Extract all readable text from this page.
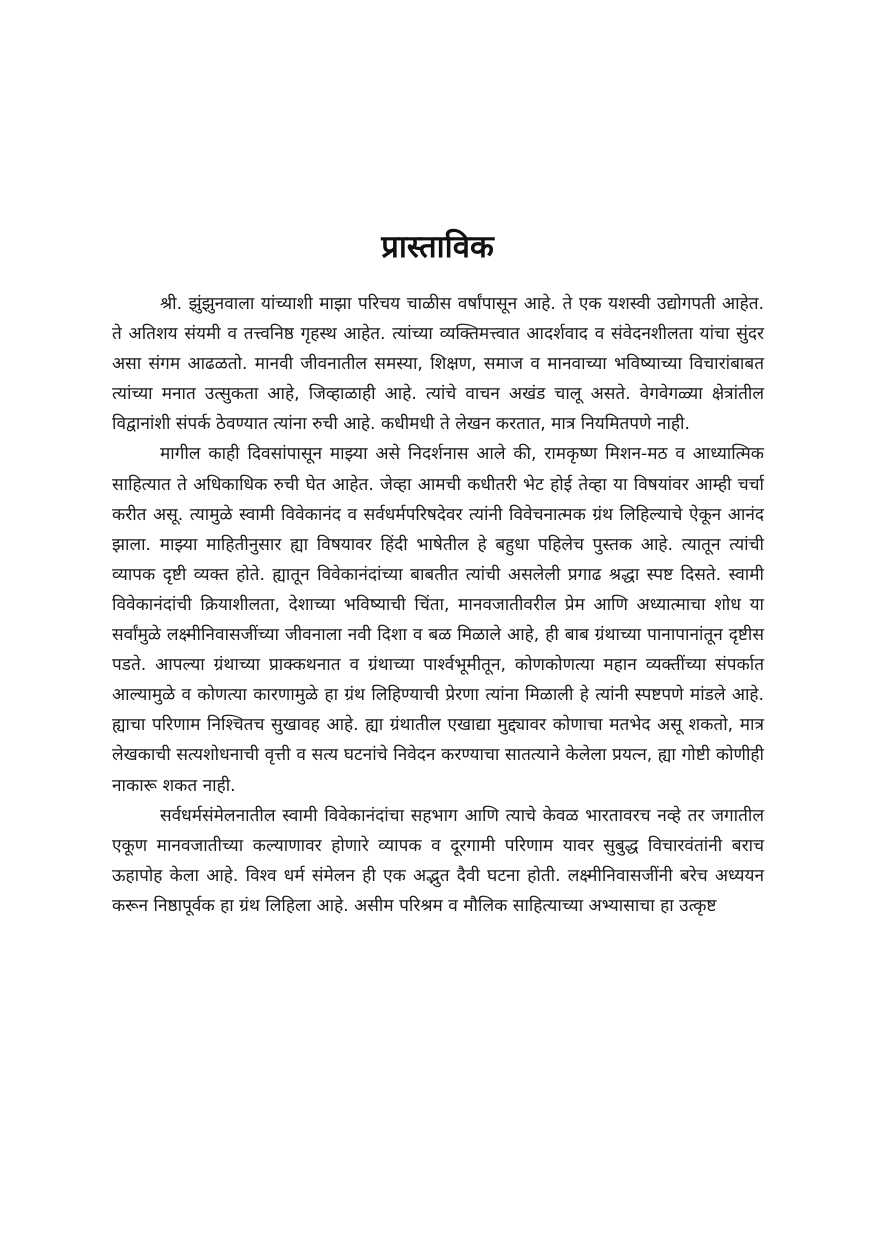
प्रास्ताविक

श्री. झुंझुनवाला यांच्याशी माझा परिचय चाळीस वर्षांपासून आहे. ते एक यशस्वी उद्योगपती आहेत. ते अतिशय संयमी व तत्त्वनिष्ठ गृहस्थ आहेत. त्यांच्या व्यक्तिमत्त्वात आदर्शवाद व संवेदनशीलता यांचा सुंदर असा संगम आढळतो. मानवी जीवनातील समस्या, शिक्षण, समाज व मानवाच्या भविष्याच्या विचारांबाबत त्यांच्या मनात उत्सुकता आहे, जिव्हाळाही आहे. त्यांचे वाचन अखंड चालू असते. वेगवेगळ्या क्षेत्रांतील विद्वानांशी संपर्क ठेवण्यात त्यांना रुची आहे. कधीमधी ते लेखन करतात, मात्र नियमितपणे नाही.

मागील काही दिवसांपासून माझ्या असे निदर्शनास आले की, रामकृष्ण मिशन-मठ व आध्यात्मिक साहित्यात ते अधिकाधिक रुची घेत आहेत. जेव्हा आमची कधीतरी भेट होई तेव्हा या विषयांवर आम्ही चर्चा करीत असू. त्यामुळे स्वामी विवेकानंद व सर्वधर्मपरिषदेवर त्यांनी विवेचनात्मक ग्रंथ लिहिल्याचे ऐकून आनंद झाला. माझ्या माहितीनुसार ह्या विषयावर हिंदी भाषेतील हे बहुधा पहिलेच पुस्तक आहे. त्यातून त्यांची व्यापक दृष्टी व्यक्त होते. ह्यातून विवेकानंदांच्या बाबतीत त्यांची असलेली प्रगाढ श्रद्धा स्पष्ट दिसते. स्वामी विवेकानंदांची क्रियाशीलता, देशाच्या भविष्याची चिंता, मानवजातीवरील प्रेम आणि अध्यात्माचा शोध या सर्वांमुळे लक्ष्मीनिवासजींच्या जीवनाला नवी दिशा व बळ मिळाले आहे, ही बाब ग्रंथाच्या पानापानांतून दृष्टीस पडते. आपल्या ग्रंथाच्या प्राक्कथनात व ग्रंथाच्या पार्श्वभूमीतून, कोणकोणत्या महान व्यक्तींच्या संपर्कात आल्यामुळे व कोणत्या कारणामुळे हा ग्रंथ लिहिण्याची प्रेरणा त्यांना मिळाली हे त्यांनी स्पष्टपणे मांडले आहे. ह्याचा परिणाम निश्चितच सुखावह आहे. ह्या ग्रंथातील एखाद्या मुद्द्यावर कोणाचा मतभेद असू शकतो, मात्र लेखकाची सत्यशोधनाची वृत्ती व सत्य घटनांचे निवेदन करण्याचा सातत्याने केलेला प्रयत्न, ह्या गोष्टी कोणीही नाकारू शकत नाही.

सर्वधर्मसंमेलनातील स्वामी विवेकानंदांचा सहभाग आणि त्याचे केवळ भारतावरच नव्हे तर जगातील एकूण मानवजातीच्या कल्याणावर होणारे व्यापक व दूरगामी परिणाम यावर सुबुद्ध विचारवंतांनी बराच ऊहापोह केला आहे. विश्व धर्म संमेलन ही एक अद्भुत दैवी घटना होती. लक्ष्मीनिवासजींनी बरेच अध्ययन करून निष्ठापूर्वक हा ग्रंथ लिहिला आहे. असीम परिश्रम व मौलिक साहित्याच्या अभ्यासाचा हा उत्कृष्ट
